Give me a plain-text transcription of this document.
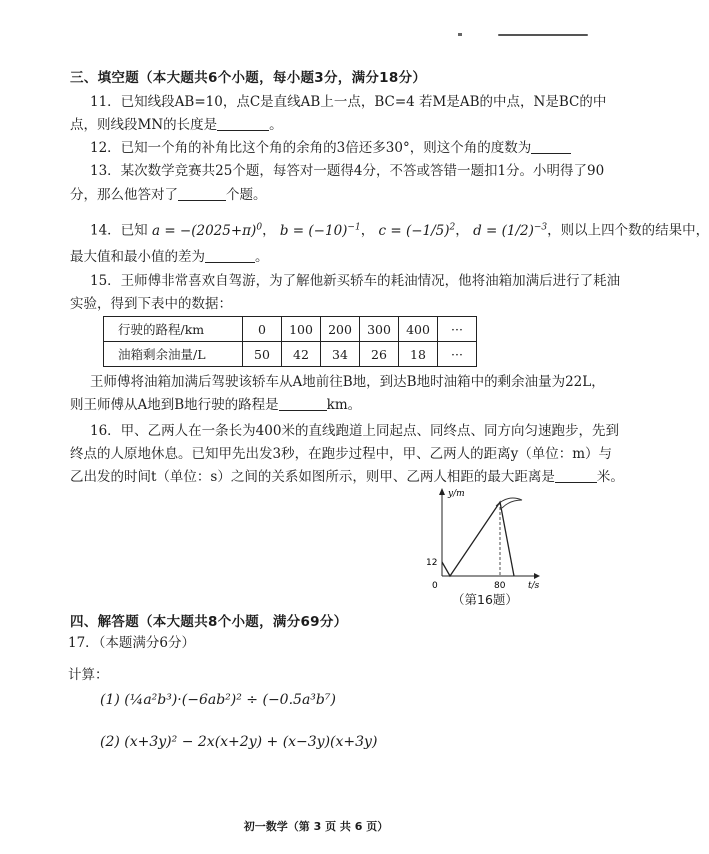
三、填空题（本大题共6个小题，每小题3分，满分18分）
11．已知线段AB=10，点C是直线AB上一点，BC=4 若M是AB的中点，N是BC的中
点，则线段MN的长度是	。
12．已知一个角的补角比这个角的余角的3倍还多30°，则这个角的度数为
13．某次数学竞赛共25个题，每答对一题得4分，不答或答错一题扣1分。小明得了90
分，那么他答对了	个题。
14．已知 $a = -(2025+\pi)^0$， $b = (-10)^{-1}$， $c = (-1/5)^2$， $d = (1/2)^{-3}$，则以上四个数的结果中，
最大值和最小值的差为	。
15．王师傅非常喜欢自驾游，为了解他新买轿车的耗油情况，他将油箱加满后进行了耗油
实验，得到下表中的数据：
行驶的路程/km	0	100	200	300	400	···
油箱剩余油量/L	50	42	34	26	18	···
王师傅将油箱加满后驾驶该轿车从A地前往B地，到达B地时油箱中的剩余油量为22L，
则王师傅从A地到B地行驶的路程是	km。
16．甲、乙两人在一条长为400米的直线跑道上同起点、同终点、同方向匀速跑步，先到
终点的人原地休息。已知甲先出发3秒，在跑步过程中，甲、乙两人的距离y（单位：m）与
乙出发的时间t（单位：s）之间的关系如图所示，则甲、乙两人相距的最大距离是	米。
y/m
t/s
0
12
80
（第16题）
四、解答题（本大题共8个小题，满分69分）
17．（本题满分6分）
计算：
(1) (¼a²b³)·(−6ab²)² ÷ (−0.5a³b⁷)
(2) (x+3y)² − 2x(x+2y) + (x−3y)(x+3y)
初一数学（第 3 页 共 6 页）
